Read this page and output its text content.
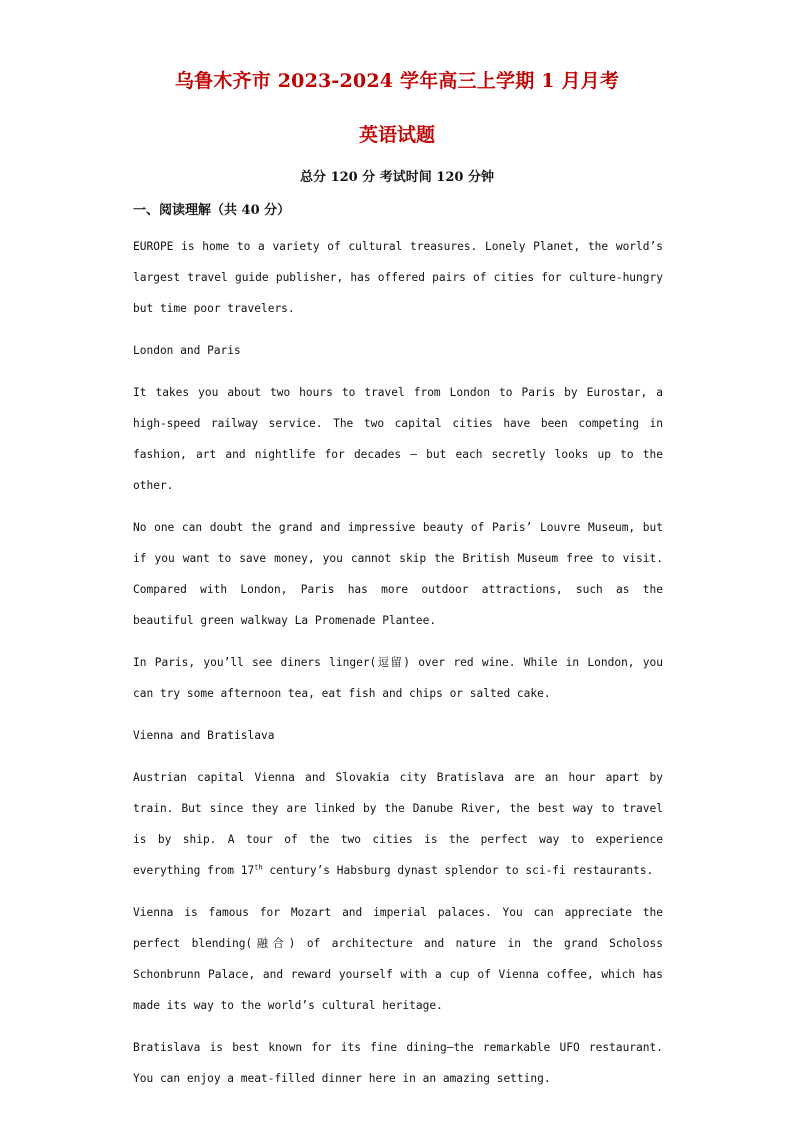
乌鲁木齐市 2023-2024 学年高三上学期 1 月月考
英语试题
总分 120 分 考试时间 120 分钟
一、阅读理解（共 40 分）

EUROPE is home to a variety of cultural treasures. Lonely Planet, the world’s largest travel guide publisher, has offered pairs of cities for culture-hungry but time poor travelers.

London and Paris

It takes you about two hours to travel from London to Paris by Eurostar, a high-speed railway service. The two capital cities have been competing in fashion, art and nightlife for decades — but each secretly looks up to the other.

No one can doubt the grand and impressive beauty of Paris’ Louvre Museum, but if you want to save money, you cannot skip the British Museum free to visit. Compared with London, Paris has more outdoor attractions, such as the beautiful green walkway La Promenade Plantee.

In Paris, you’ll see diners linger(逗留) over red wine. While in London, you can try some afternoon tea, eat fish and chips or salted cake.

Vienna and Bratislava

Austrian capital Vienna and Slovakia city Bratislava are an hour apart by train. But since they are linked by the Danube River, the best way to travel is by ship. A tour of the two cities is the perfect way to experience everything from 17th century’s Habsburg dynast splendor to sci-fi restaurants.

Vienna is famous for Mozart and imperial palaces. You can appreciate the perfect blending(融合) of architecture and nature in the grand Scholoss Schonbrunn Palace, and reward yourself with a cup of Vienna coffee, which has made its way to the world’s cultural heritage.

Bratislava is best known for its fine dining—the remarkable UFO restaurant. You can enjoy a meat-filled dinner here in an amazing setting.
